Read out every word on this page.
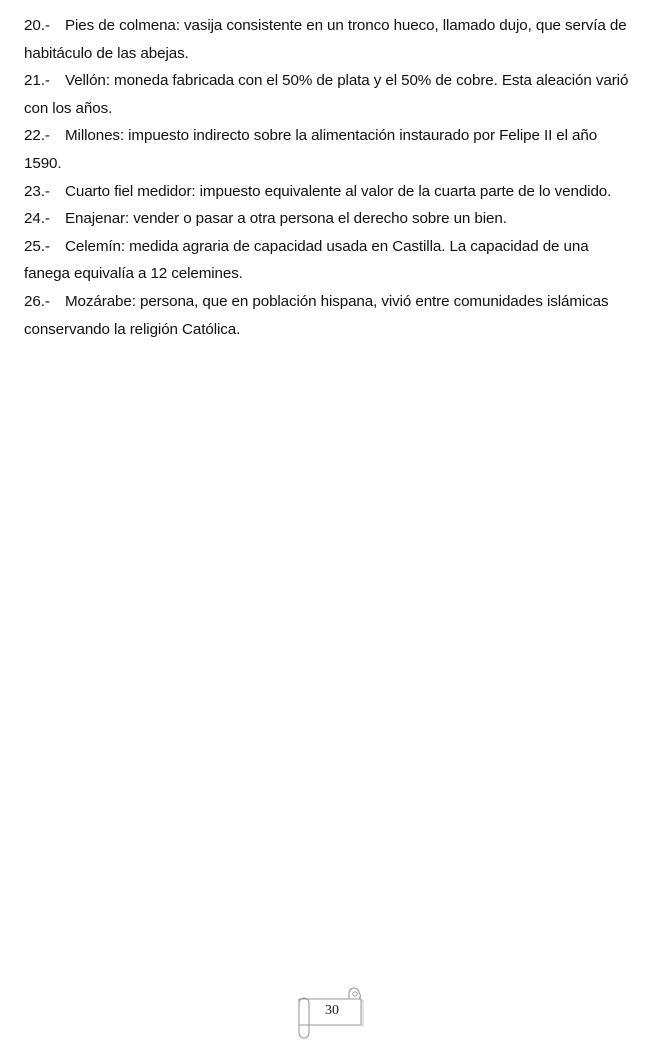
20.- Pies de colmena: vasija consistente en un tronco hueco, llamado dujo, que servía de habitáculo de las abejas.

21.- Vellón: moneda fabricada con el 50% de plata y el 50% de cobre. Esta aleación varió con los años.

22.- Millones: impuesto indirecto sobre la alimentación instaurado por Felipe II el año 1590.

23.- Cuarto fiel medidor: impuesto equivalente al valor de la cuarta parte de lo vendido.

24.- Enajenar: vender o pasar a otra persona el derecho sobre un bien.

25.- Celemín: medida agraria de capacidad usada en Castilla. La capacidad de una fanega equivalía a 12 celemines.

26.- Mozárabe: persona, que en población hispana, vivió entre comunidades islámicas conservando la religión Católica.

30
